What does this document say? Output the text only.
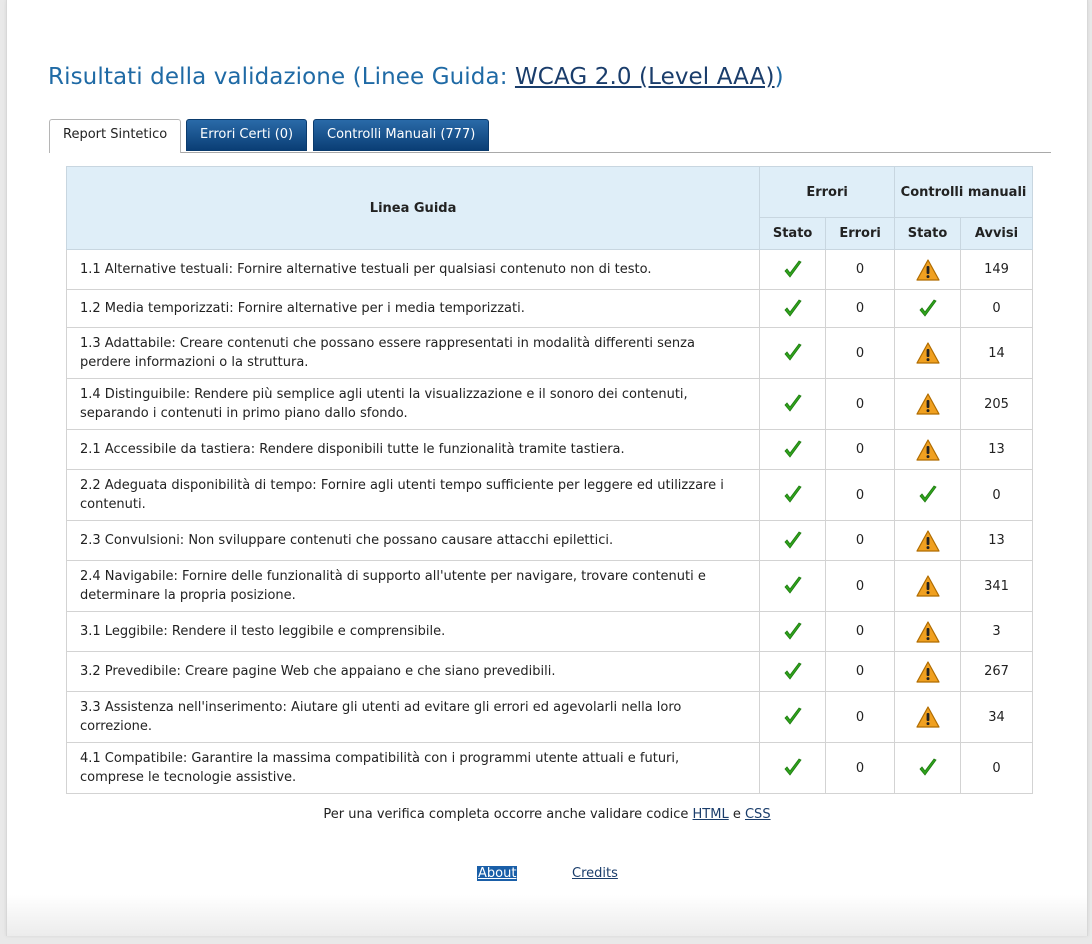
Risultati della validazione (Linee Guida: WCAG 2.0 (Level AAA))
Report Sintetico	Errori Certi (0)	Controlli Manuali (777)
Linea Guida	Errori		Controlli manuali	
	Stato	Errori	Stato	Avvisi
1.1 Alternative testuali: Fornire alternative testuali per qualsiasi contenuto non di testo.		0		149
1.2 Media temporizzati: Fornire alternative per i media temporizzati.		0		0
1.3 Adattabile: Creare contenuti che possano essere rappresentati in modalità differenti senza perdere informazioni o la struttura.		0		14
1.4 Distinguibile: Rendere più semplice agli utenti la visualizzazione e il sonoro dei contenuti, separando i contenuti in primo piano dallo sfondo.		0		205
2.1 Accessibile da tastiera: Rendere disponibili tutte le funzionalità tramite tastiera.		0		13
2.2 Adeguata disponibilità di tempo: Fornire agli utenti tempo sufficiente per leggere ed utilizzare i contenuti.		0		0
2.3 Convulsioni: Non sviluppare contenuti che possano causare attacchi epilettici.		0		13
2.4 Navigabile: Fornire delle funzionalità di supporto all'utente per navigare, trovare contenuti e determinare la propria posizione.		0		341
3.1 Leggibile: Rendere il testo leggibile e comprensibile.		0		3
3.2 Prevedibile: Creare pagine Web che appaiano e che siano prevedibili.		0		267
3.3 Assistenza nell'inserimento: Aiutare gli utenti ad evitare gli errori ed agevolarli nella loro correzione.		0		34
4.1 Compatibile: Garantire la massima compatibilità con i programmi utente attuali e futuri, comprese le tecnologie assistive.		0		0
Per una verifica completa occorre anche validare codice HTML e CSS
About	Credits
